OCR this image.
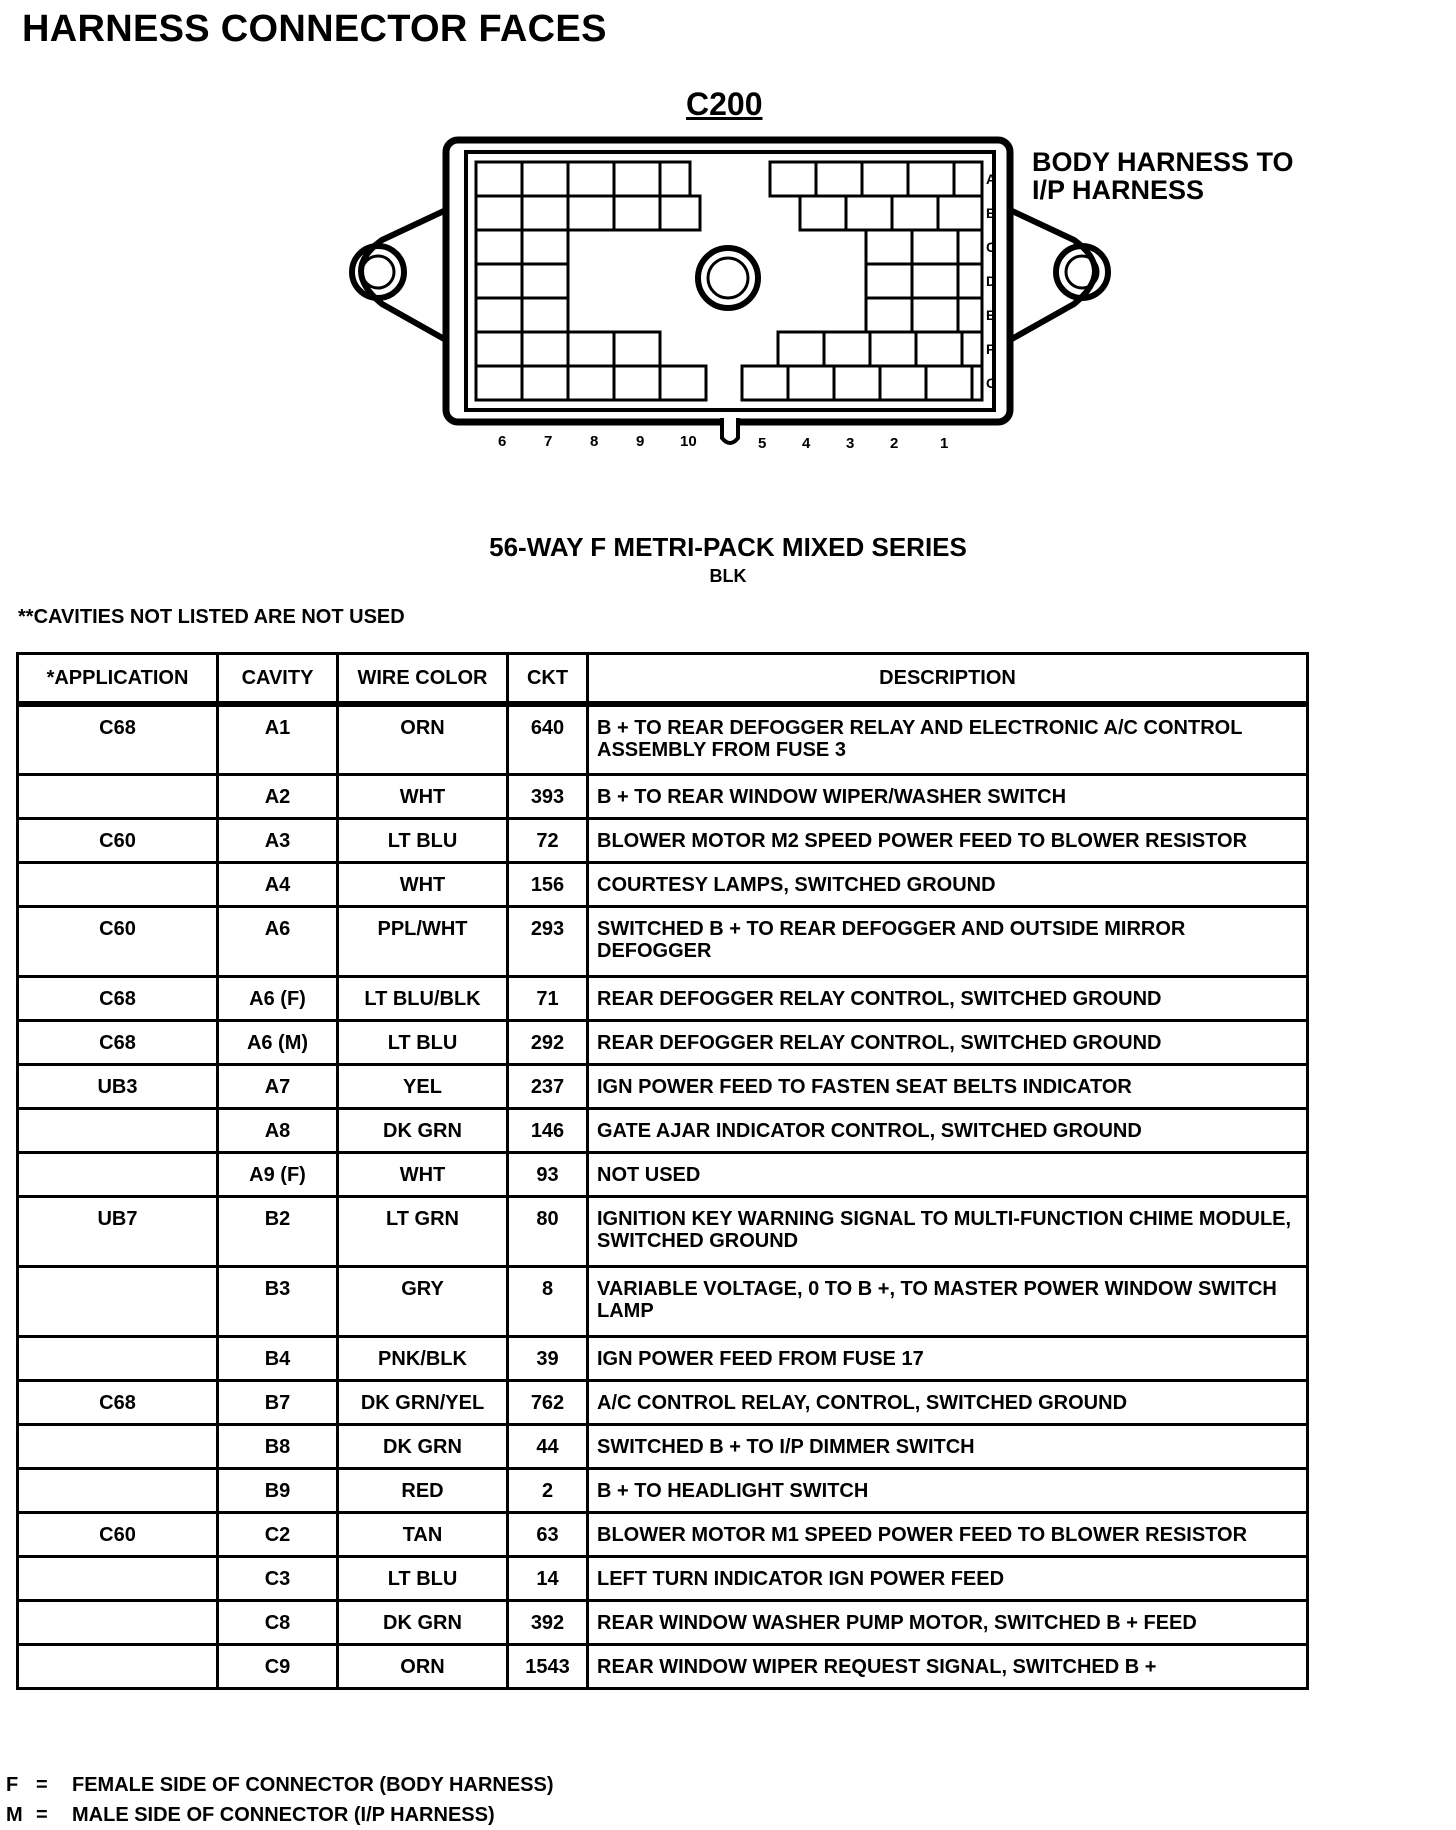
HARNESS CONNECTOR FACES
A
B
C
D
E
F
G
6	7	8	9 10	5 4 3 2	1
C200
BODY HARNESS TO
I/P HARNESS
56-WAY F METRI-PACK MIXED SERIES
BLK
**CAVITIES NOT LISTED ARE NOT USED
*APPLICATION	CAVITY	WIRE COLOR	CKT	DESCRIPTION
C68	A1	ORN	640	B + TO REAR DEFOGGER RELAY AND ELECTRONIC A/C CONTROL ASSEMBLY FROM FUSE 3
	A2	WHT	393	B + TO REAR WINDOW WIPER/WASHER SWITCH
C60	A3	LT BLU	72	BLOWER MOTOR M2 SPEED POWER FEED TO BLOWER RESISTOR
	A4	WHT	156	COURTESY LAMPS, SWITCHED GROUND
C60	A6	PPL/WHT	293	SWITCHED B + TO REAR DEFOGGER AND OUTSIDE MIRROR DEFOGGER
C68	A6 (F)	LT BLU/BLK	71	REAR DEFOGGER RELAY CONTROL, SWITCHED GROUND
C68	A6 (M)	LT BLU	292	REAR DEFOGGER RELAY CONTROL, SWITCHED GROUND
UB3	A7	YEL	237	IGN POWER FEED TO FASTEN SEAT BELTS INDICATOR
	A8	DK GRN	146	GATE AJAR INDICATOR CONTROL, SWITCHED GROUND
	A9 (F)	WHT	93	NOT USED
UB7	B2	LT GRN	80	IGNITION KEY WARNING SIGNAL TO MULTI-FUNCTION CHIME MODULE, SWITCHED GROUND
	B3	GRY	8	VARIABLE VOLTAGE, 0 TO B +, TO MASTER POWER WINDOW SWITCH LAMP
	B4	PNK/BLK	39	IGN POWER FEED FROM FUSE 17
C68	B7	DK GRN/YEL	762	A/C CONTROL RELAY, CONTROL, SWITCHED GROUND
	B8	DK GRN	44	SWITCHED B + TO I/P DIMMER SWITCH
	B9	RED	2	B + TO HEADLIGHT SWITCH
C60	C2	TAN	63	BLOWER MOTOR M1 SPEED POWER FEED TO BLOWER RESISTOR
	C3	LT BLU	14	LEFT TURN INDICATOR IGN POWER FEED
	C8	DK GRN	392	REAR WINDOW WASHER PUMP MOTOR, SWITCHED B + FEED
	C9	ORN	1543	REAR WINDOW WIPER REQUEST SIGNAL, SWITCHED B +
F = FEMALE SIDE OF CONNECTOR (BODY HARNESS)
M = MALE SIDE OF CONNECTOR (I/P HARNESS)
